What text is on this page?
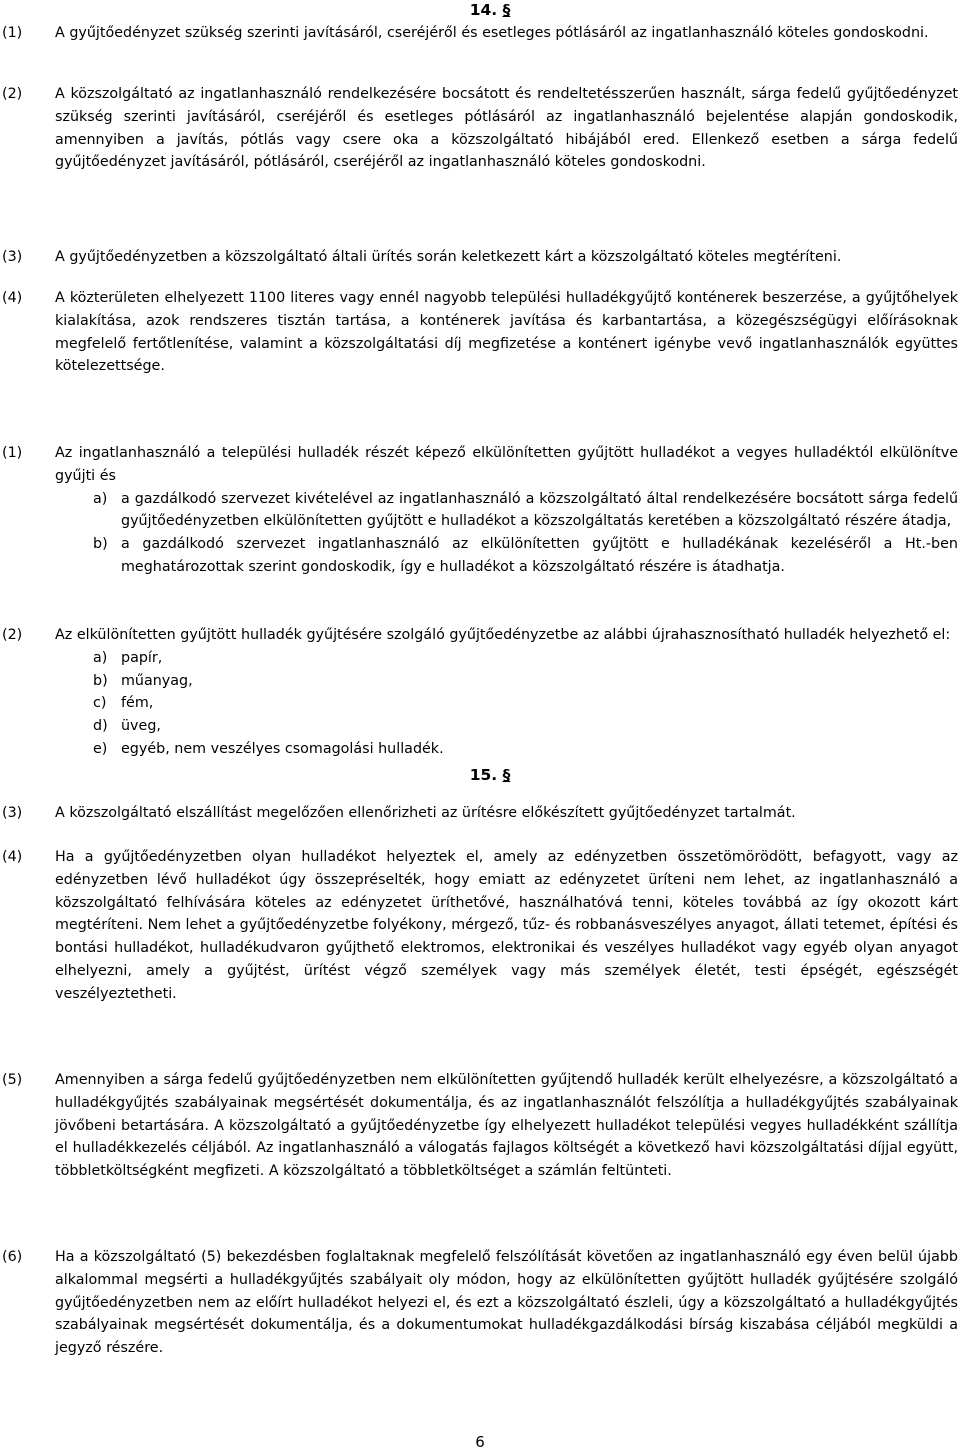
14. §
(1)	A gyűjtőedényzet szükség szerinti javításáról, cseréjéről és esetleges pótlásáról az ingatlanhasználó köteles gondoskodni.

(2)	A közszolgáltató az ingatlanhasználó rendelkezésére bocsátott és rendeltetésszerűen használt, sárga fedelű gyűjtőedényzet szükség szerinti javításáról, cseréjéről és esetleges pótlásáról az ingatlanhasználó bejelentése alapján gondoskodik, amennyiben a javítás, pótlás vagy csere oka a közszolgáltató hibájából ered. Ellenkező esetben a sárga fedelű gyűjtőedényzet javításáról, pótlásáról, cseréjéről az ingatlanhasználó köteles gondoskodni.

(3)	A gyűjtőedényzetben a közszolgáltató általi ürítés során keletkezett kárt a közszolgáltató köteles megtéríteni.

(4)	A közterületen elhelyezett 1100 literes vagy ennél nagyobb települési hulladékgyűjtő konténerek beszerzése, a gyűjtőhelyek kialakítása, azok rendszeres tisztán tartása, a konténerek javítása és karbantartása, a közegészségügyi előírásoknak megfelelő fertőtlenítése, valamint a közszolgáltatási díj megfizetése a konténert igénybe vevő ingatlanhasználók együttes kötelezettsége.

15. §
(1)	Az ingatlanhasználó a települési hulladék részét képező elkülönítetten gyűjtött hulladékot a vegyes hulladéktól elkülönítve gyűjti és

a) a gazdálkodó szervezet kivételével az ingatlanhasználó a közszolgáltató által rendelkezésére bocsátott sárga fedelű gyűjtőedényzetben elkülönítetten gyűjtött e hulladékot a közszolgáltatás keretében a közszolgáltató részére átadja,
b) a gazdálkodó szervezet ingatlanhasználó az elkülönítetten gyűjtött e hulladékának kezeléséről a Ht.-ben meghatározottak szerint gondoskodik, így e hulladékot a közszolgáltató részére is átadhatja.
(2)	Az elkülönítetten gyűjtött hulladék gyűjtésére szolgáló gyűjtőedényzetbe az alábbi újrahasznosítható hulladék helyezhető el:

a) papír,
b) műanyag,
c)	fém,
d) üveg,
e) egyéb, nem veszélyes csomagolási hulladék.
(3)	A közszolgáltató elszállítást megelőzően ellenőrizheti az ürítésre előkészített gyűjtőedényzet tartalmát.

(4)	Ha a gyűjtőedényzetben olyan hulladékot helyeztek el, amely az edényzetben összetömörödött, befagyott, vagy az edényzetben lévő hulladékot úgy összepréselték, hogy emiatt az edényzetet üríteni nem lehet, az ingatlanhasználó a közszolgáltató felhívására köteles az edényzetet üríthetővé, használhatóvá tenni, köteles továbbá az így okozott kárt megtéríteni. Nem lehet a gyűjtőedényzetbe folyékony, mérgező, tűz- és robbanásveszélyes anyagot, állati tetemet, építési és bontási hulladékot, hulladékudvaron gyűjthető elektromos, elektronikai és veszélyes hulladékot vagy egyéb olyan anyagot elhelyezni, amely a gyűjtést, ürítést végző személyek vagy más személyek életét, testi épségét, egészségét veszélyeztetheti.

(5)	Amennyiben a sárga fedelű gyűjtőedényzetben nem elkülönítetten gyűjtendő hulladék került elhelyezésre, a közszolgáltató a hulladékgyűjtés szabályainak megsértését dokumentálja, és az ingatlanhasználót felszólítja a hulladékgyűjtés szabályainak jövőbeni betartására. A közszolgáltató a gyűjtőedényzetbe így elhelyezett hulladékot települési vegyes hulladékként szállítja el hulladékkezelés céljából. Az ingatlanhasználó a válogatás fajlagos költségét a következő havi közszolgáltatási díjjal együtt, többletköltségként megfizeti. A közszolgáltató a többletköltséget a számlán feltünteti.

(6)	Ha a közszolgáltató (5) bekezdésben foglaltaknak megfelelő felszólítását követően az ingatlanhasználó egy éven belül újabb alkalommal megsérti a hulladékgyűjtés szabályait oly módon, hogy az elkülönítetten gyűjtött hulladék gyűjtésére szolgáló gyűjtőedényzetben nem az előírt hulladékot helyezi el, és ezt a közszolgáltató észleli, úgy a közszolgáltató a hulladékgyűjtés szabályainak megsértését dokumentálja, és a dokumentumokat hulladékgazdálkodási bírság kiszabása céljából megküldi a jegyző részére.

6
